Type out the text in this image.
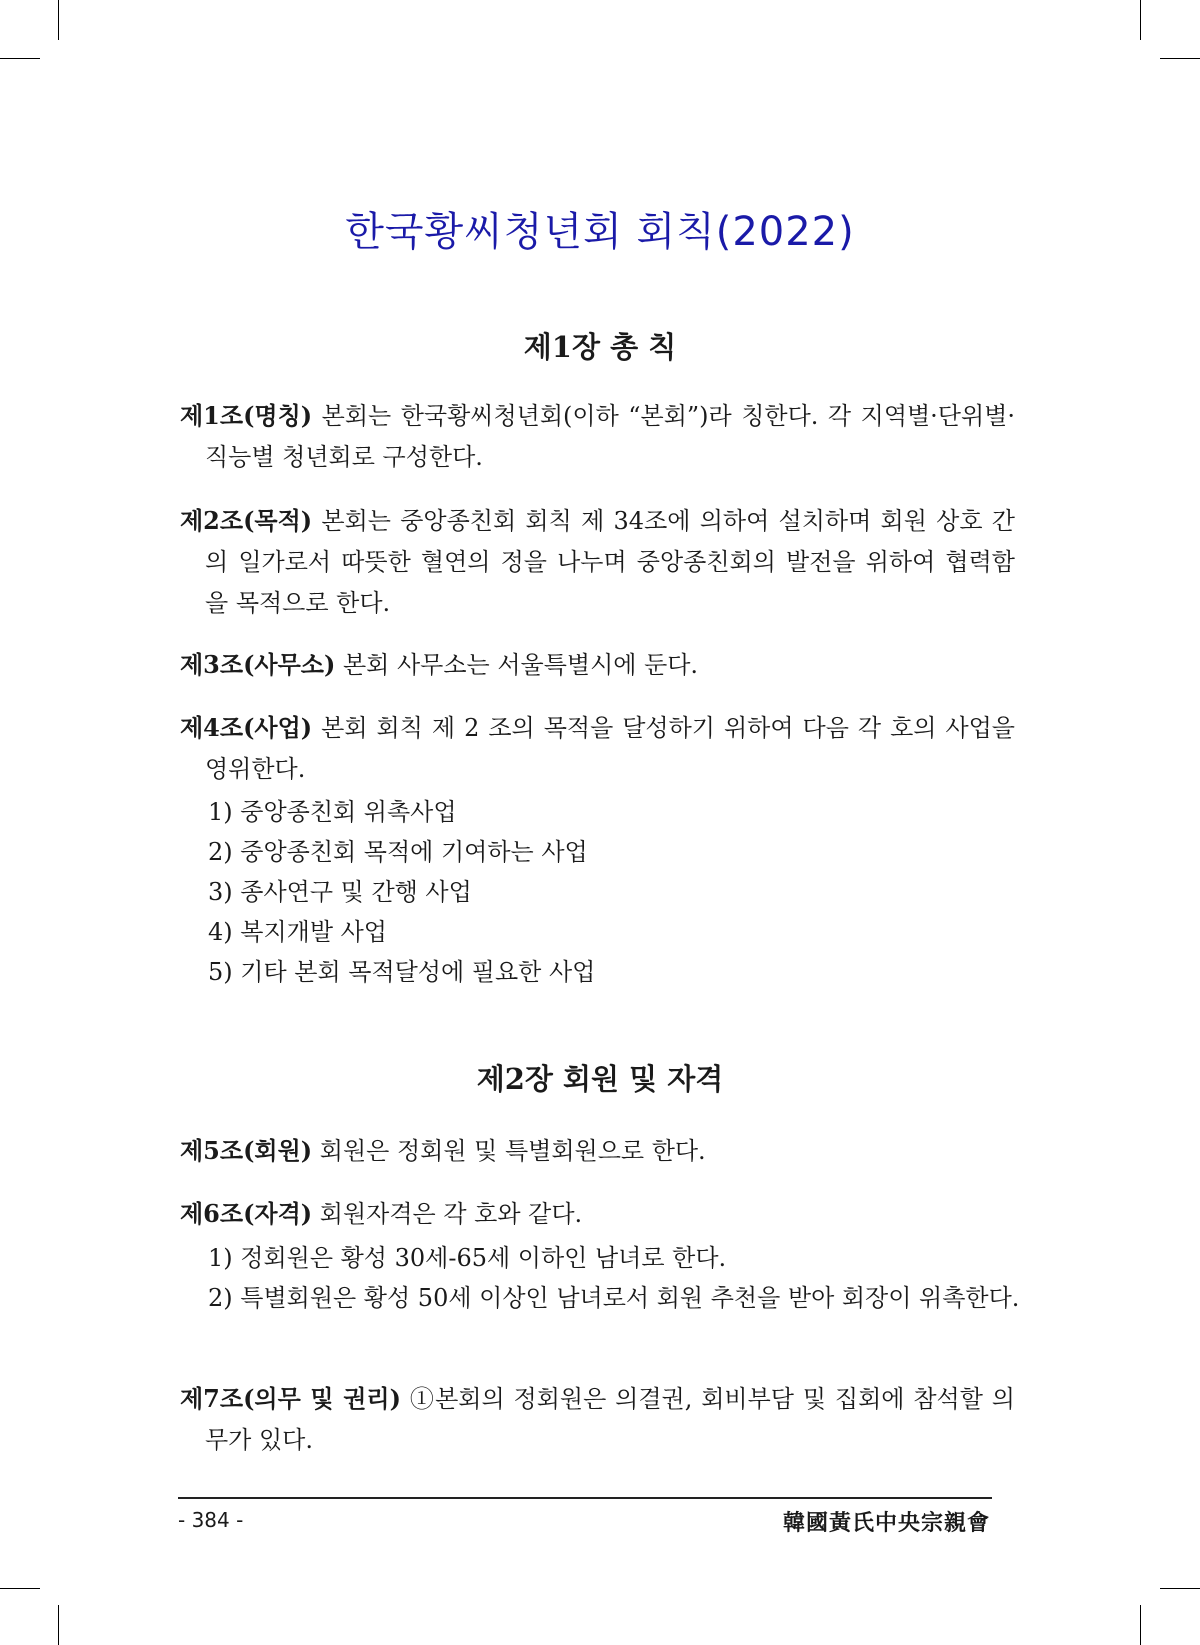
한국황씨청년회 회칙(2022)
제1장 총 칙
제1조(명칭) 본회는 한국황씨청년회(이하 “본회”)라 칭한다. 각 지역별·단위별·직능별 청년회로 구성한다.
제2조(목적) 본회는 중앙종친회 회칙 제 34조에 의하여 설치하며 회원 상호 간의 일가로서 따뜻한 혈연의 정을 나누며 중앙종친회의 발전을 위하여 협력함을 목적으로 한다.
제3조(사무소) 본회 사무소는 서울특별시에 둔다.
제4조(사업) 본회 회칙 제 2 조의 목적을 달성하기 위하여 다음 각 호의 사업을 영위한다.
1) 중앙종친회 위촉사업
2) 중앙종친회 목적에 기여하는 사업
3) 종사연구 및 간행 사업
4) 복지개발 사업
5) 기타 본회 목적달성에 필요한 사업
제2장 회원 및 자격
제5조(회원) 회원은 정회원 및 특별회원으로 한다.
제6조(자격) 회원자격은 각 호와 같다.
1) 정회원은 황성 30세-65세 이하인 남녀로 한다.
2) 특별회원은 황성 50세 이상인 남녀로서 회원 추천을 받아 회장이 위촉한다.
제7조(의무 및 권리) ①본회의 정회원은 의결권, 회비부담 및 집회에 참석할 의무가 있다.
- 384 -	韓國黃氏中央宗親會
